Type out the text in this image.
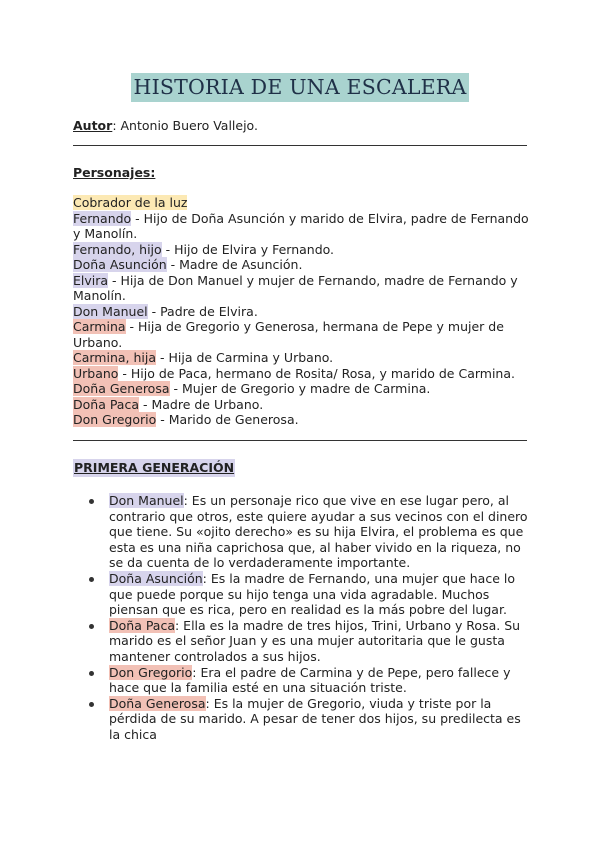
HISTORIA DE UNA ESCALERA
Autor: Antonio Buero Vallejo.
Personajes:

Cobrador de la luz

Fernando - Hijo de Doña Asunción y marido de Elvira, padre de Fernando y Manolín.

Fernando, hijo - Hijo de Elvira y Fernando.

Doña Asunción - Madre de Asunción.

Elvira - Hija de Don Manuel y mujer de Fernando, madre de Fernando y Manolín.

Don Manuel - Padre de Elvira.

Carmina - Hija de Gregorio y Generosa, hermana de Pepe y mujer de Urbano.

Carmina, hija - Hija de Carmina y Urbano.

Urbano - Hijo de Paca, hermano de Rosita/ Rosa, y marido de Carmina.

Doña Generosa - Mujer de Gregorio y madre de Carmina.

Doña Paca - Madre de Urbano.

Don Gregorio - Marido de Generosa.

PRIMERA GENERACIÓN
Don Manuel: Es un personaje rico que vive en ese lugar pero, al contrario que otros, este quiere ayudar a sus vecinos con el dinero que tiene. Su «ojito derecho» es su hija Elvira, el problema es que esta es una niña caprichosa que, al haber vivido en la riqueza, no se da cuenta de lo verdaderamente importante.
Doña Asunción: Es la madre de Fernando, una mujer que hace lo que puede porque su hijo tenga una vida agradable. Muchos piensan que es rica, pero en realidad es la más pobre del lugar.
Doña Paca: Ella es la madre de tres hijos, Trini, Urbano y Rosa. Su marido es el señor Juan y es una mujer autoritaria que le gusta mantener controlados a sus hijos.
Don Gregorio: Era el padre de Carmina y de Pepe, pero fallece y hace que la familia esté en una situación triste.
Doña Generosa: Es la mujer de Gregorio, viuda y triste por la pérdida de su marido. A pesar de tener dos hijos, su predilecta es la chica
